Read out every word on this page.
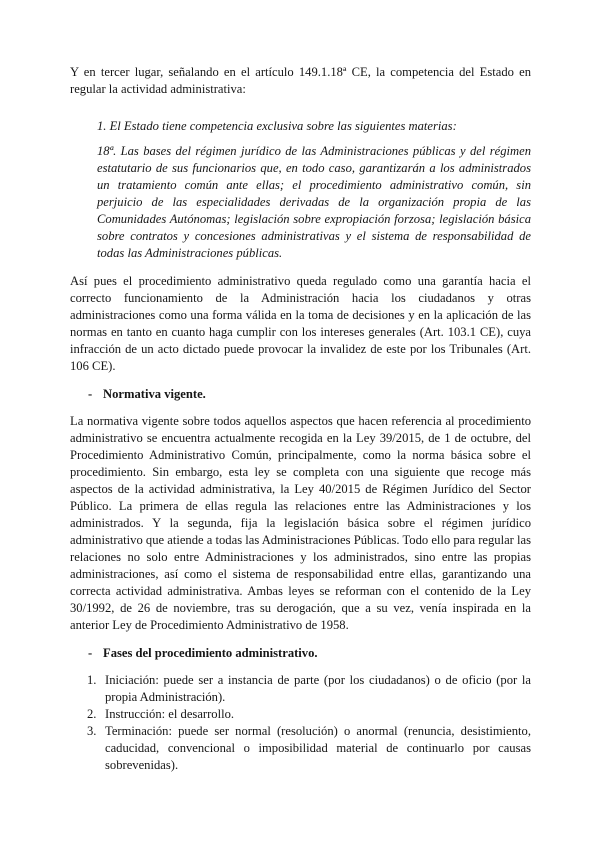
Y en tercer lugar, señalando en el artículo 149.1.18ª CE, la competencia del Estado en regular la actividad administrativa:

1. El Estado tiene competencia exclusiva sobre las siguientes materias:

18ª. Las bases del régimen jurídico de las Administraciones públicas y del régimen estatutario de sus funcionarios que, en todo caso, garantizarán a los administrados un tratamiento común ante ellas; el procedimiento administrativo común, sin perjuicio de las especialidades derivadas de la organización propia de las Comunidades Autónomas; legislación sobre expropiación forzosa; legislación básica sobre contratos y concesiones administrativas y el sistema de responsabilidad de todas las Administraciones públicas.

Así pues el procedimiento administrativo queda regulado como una garantía hacia el correcto funcionamiento de la Administración hacia los ciudadanos y otras administraciones como una forma válida en la toma de decisiones y en la aplicación de las normas en tanto en cuanto haga cumplir con los intereses generales (Art. 103.1 CE), cuya infracción de un acto dictado puede provocar la invalidez de este por los Tribunales (Art. 106 CE).

- Normativa vigente.

La normativa vigente sobre todos aquellos aspectos que hacen referencia al procedimiento administrativo se encuentra actualmente recogida en la Ley 39/2015, de 1 de octubre, del Procedimiento Administrativo Común, principalmente, como la norma básica sobre el procedimiento. Sin embargo, esta ley se completa con una siguiente que recoge más aspectos de la actividad administrativa, la Ley 40/2015 de Régimen Jurídico del Sector Público. La primera de ellas regula las relaciones entre las Administraciones y los administrados. Y la segunda, fija la legislación básica sobre el régimen jurídico administrativo que atiende a todas las Administraciones Públicas. Todo ello para regular las relaciones no solo entre Administraciones y los administrados, sino entre las propias administraciones, así como el sistema de responsabilidad entre ellas, garantizando una correcta actividad administrativa. Ambas leyes se reforman con el contenido de la Ley 30/1992, de 26 de noviembre, tras su derogación, que a su vez, venía inspirada en la anterior Ley de Procedimiento Administrativo de 1958.

- Fases del procedimiento administrativo.
1. Iniciación: puede ser a instancia de parte (por los ciudadanos) o de oficio (por la propia Administración).
2. Instrucción: el desarrollo.
3. Terminación: puede ser normal (resolución) o anormal (renuncia, desistimiento, caducidad, convencional o imposibilidad material de continuarlo por causas sobrevenidas).
